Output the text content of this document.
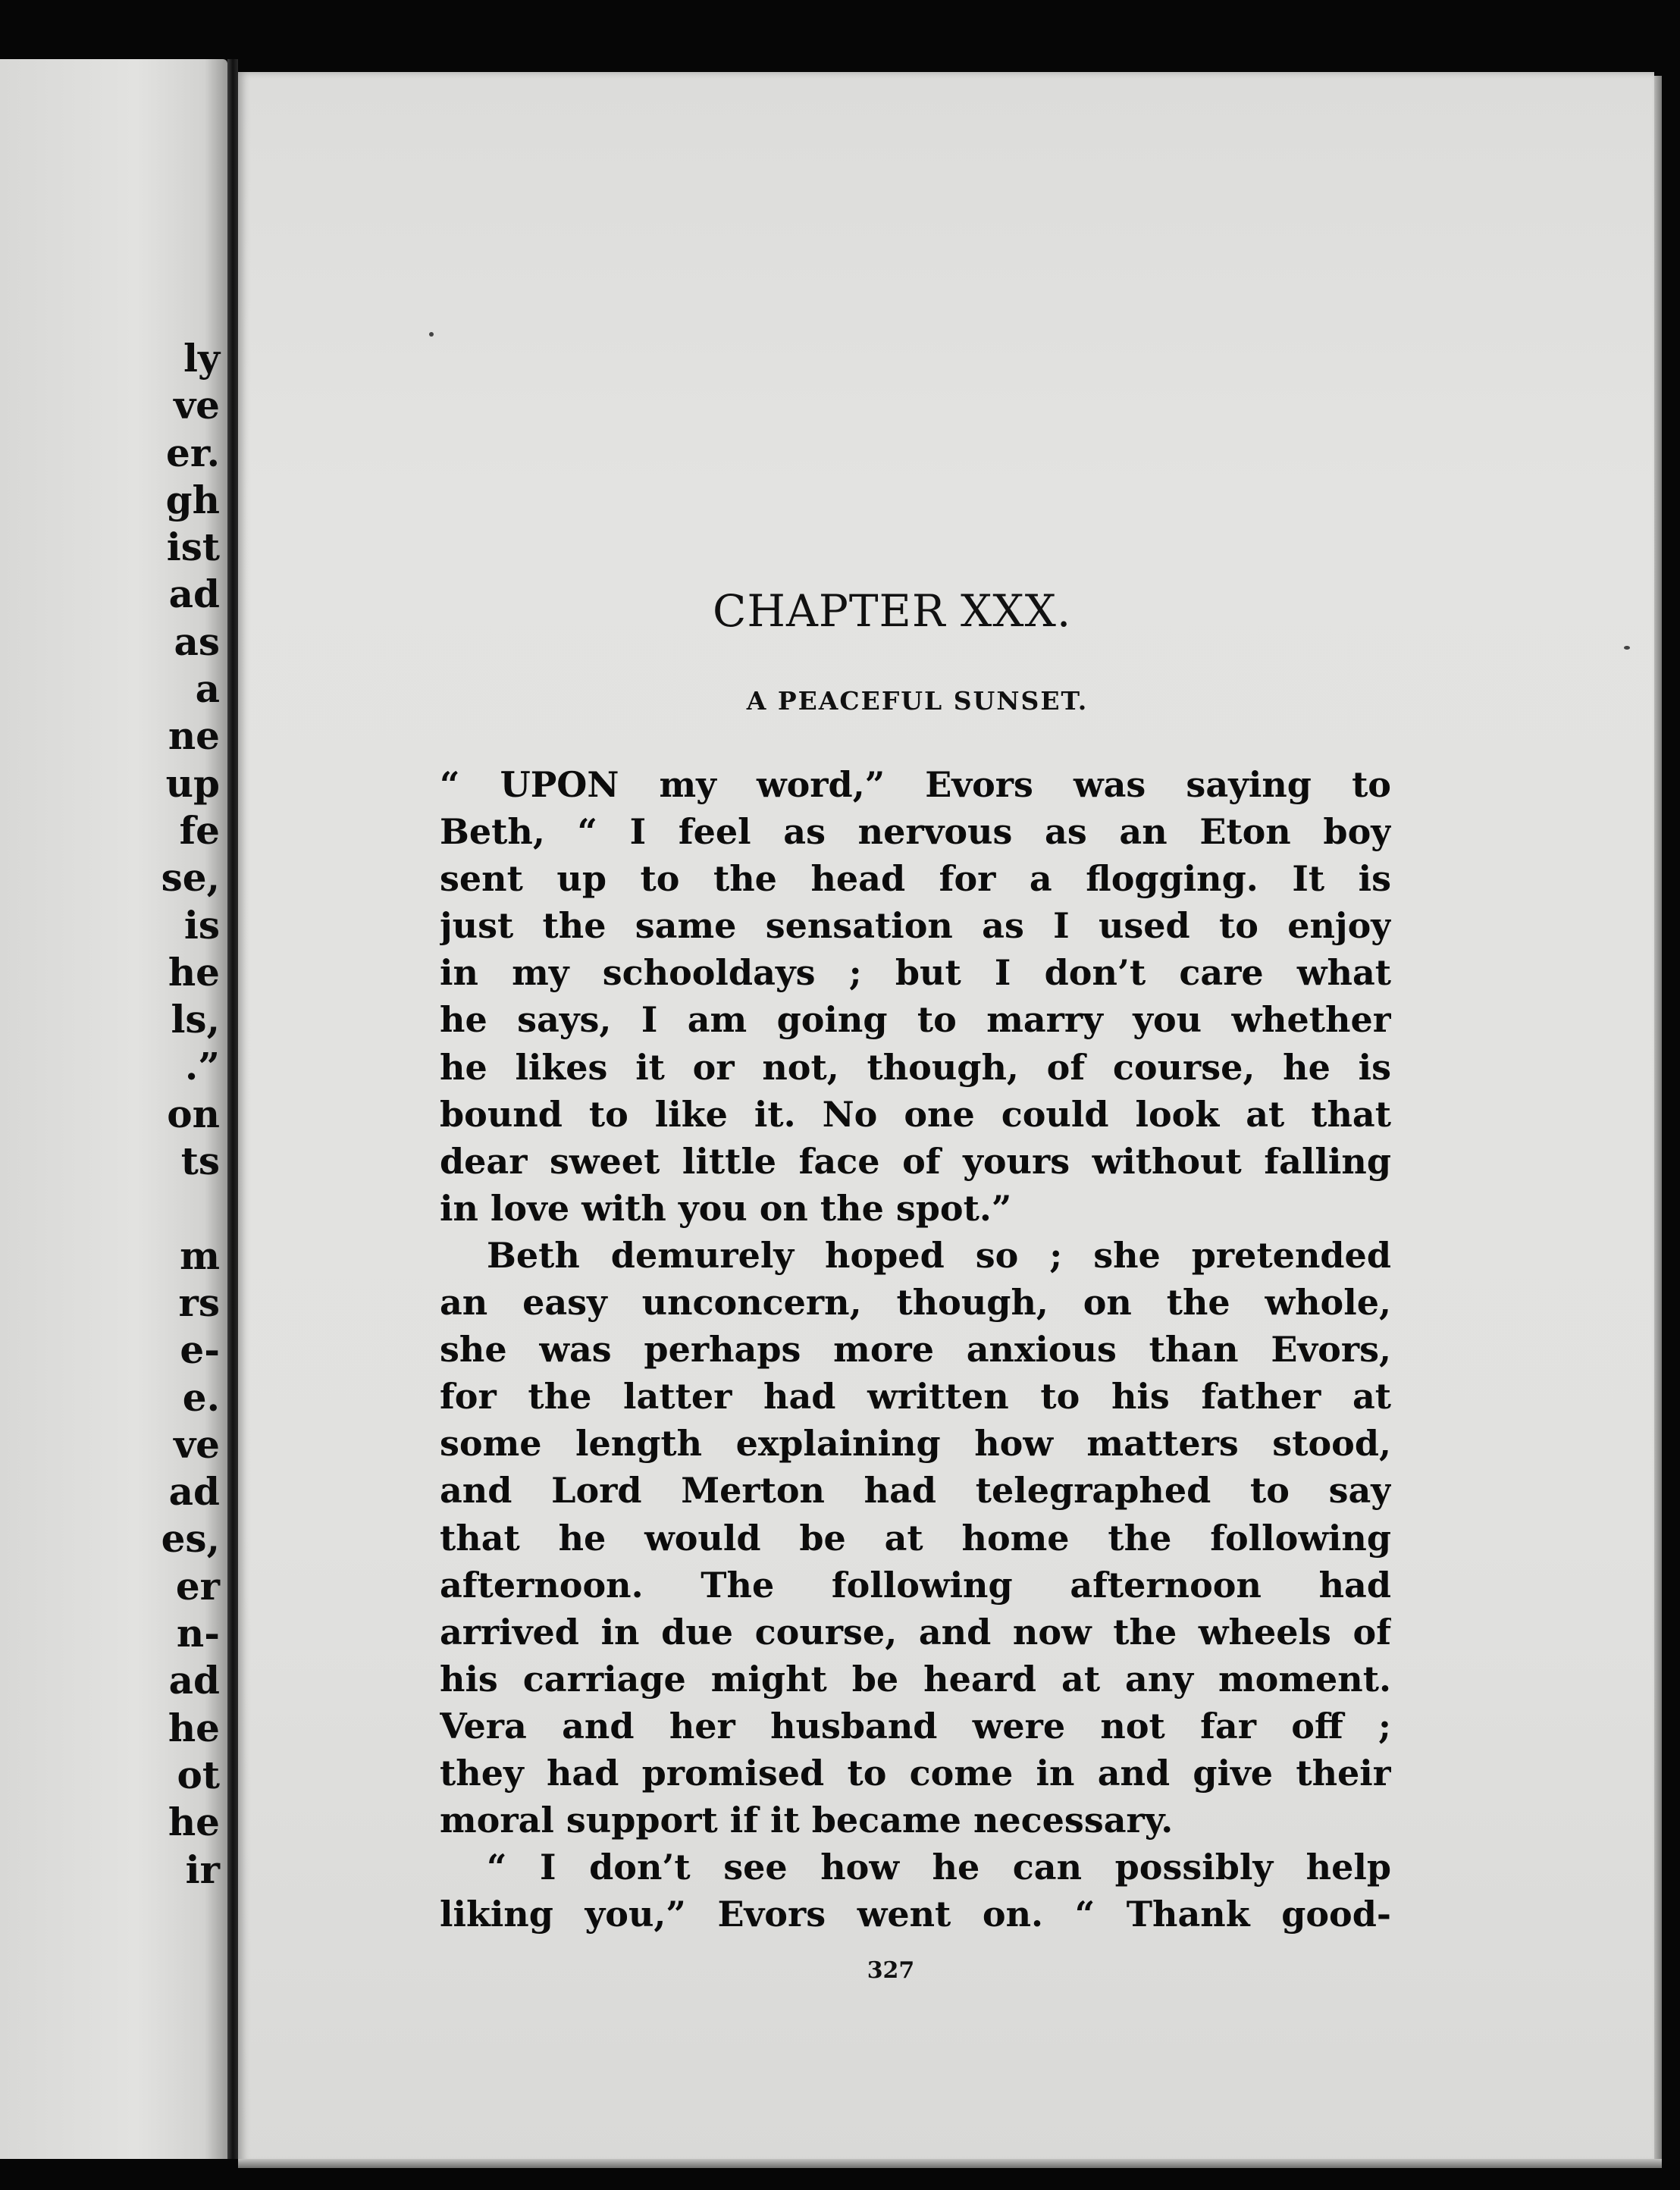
ly
ve
er.
gh
ist
ad
as
a
ne
up
fe
se,
is
he
ls,
.”
on
ts
m
rs
e-
e.
ve
ad
es,
er
n-
ad
he
ot
he
ir
CHAPTER XXX.
A PEACEFUL SUNSET.
“ UPON my word,” Evors was saying to
Beth, “ I feel as nervous as an Eton boy
sent up to the head for a flogging. It is
just the same sensation as I used to enjoy
in my schooldays ; but I don’t care what
he says, I am going to marry you whether
he likes it or not, though, of course, he is
bound to like it. No one could look at that
dear sweet little face of yours without falling
in love with you on the spot.”
Beth demurely hoped so ; she pretended
an easy unconcern, though, on the whole,
she was perhaps more anxious than Evors,
for the latter had written to his father at
some length explaining how matters stood,
and Lord Merton had telegraphed to say
that he would be at home the following
afternoon. The following afternoon had
arrived in due course, and now the wheels of
his carriage might be heard at any moment.
Vera and her husband were not far off ;
they had promised to come in and give their
moral support if it became necessary.
“ I don’t see how he can possibly help
liking you,” Evors went on. “ Thank good-
327
